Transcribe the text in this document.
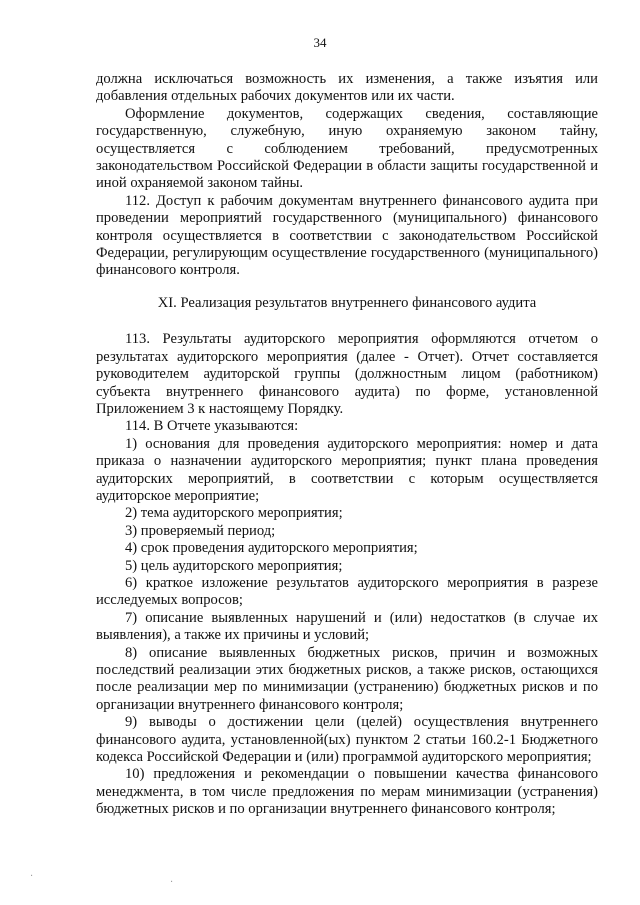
34

должна исключаться возможность их изменения, а также изъятия или добавления отдельных рабочих документов или их части.

Оформление документов, содержащих сведения, составляющие государственную, служебную, иную охраняемую законом тайну, осуществляется с соблюдением требований, предусмотренных законодательством Российской Федерации в области защиты государственной и иной охраняемой законом тайны.

112. Доступ к рабочим документам внутреннего финансового аудита при проведении мероприятий государственного (муниципального) финансового контроля осуществляется в соответствии с законодательством Российской Федерации, регулирующим осуществление государственного (муниципального) финансового контроля.

XI. Реализация результатов внутреннего финансового аудита

113. Результаты аудиторского мероприятия оформляются отчетом о результатах аудиторского мероприятия (далее - Отчет). Отчет составляется руководителем аудиторской группы (должностным лицом (работником) субъекта внутреннего финансового аудита) по форме, установленной Приложением 3 к настоящему Порядку.

114. В Отчете указываются:

1) основания для проведения аудиторского мероприятия: номер и дата приказа о назначении аудиторского мероприятия; пункт плана проведения аудиторских мероприятий, в соответствии с которым осуществляется аудиторское мероприятие;

2) тема аудиторского мероприятия;

3) проверяемый период;

4) срок проведения аудиторского мероприятия;

5) цель аудиторского мероприятия;

6) краткое изложение результатов аудиторского мероприятия в разрезе исследуемых вопросов;

7) описание выявленных нарушений и (или) недостатков (в случае их выявления), а также их причины и условий;

8) описание выявленных бюджетных рисков, причин и возможных последствий реализации этих бюджетных рисков, а также рисков, остающихся после реализации мер по минимизации (устранению) бюджетных рисков и по организации внутреннего финансового контроля;

9) выводы о достижении цели (целей) осуществления внутреннего финансового аудита, установленной(ых) пунктом 2 статьи 160.2-1 Бюджетного кодекса Российской Федерации и (или) программой аудиторского мероприятия;

10) предложения и рекомендации о повышении качества финансового менеджмента, в том числе предложения по мерам минимизации (устранения) бюджетных рисков и по организации внутреннего финансового контроля;

·
·
